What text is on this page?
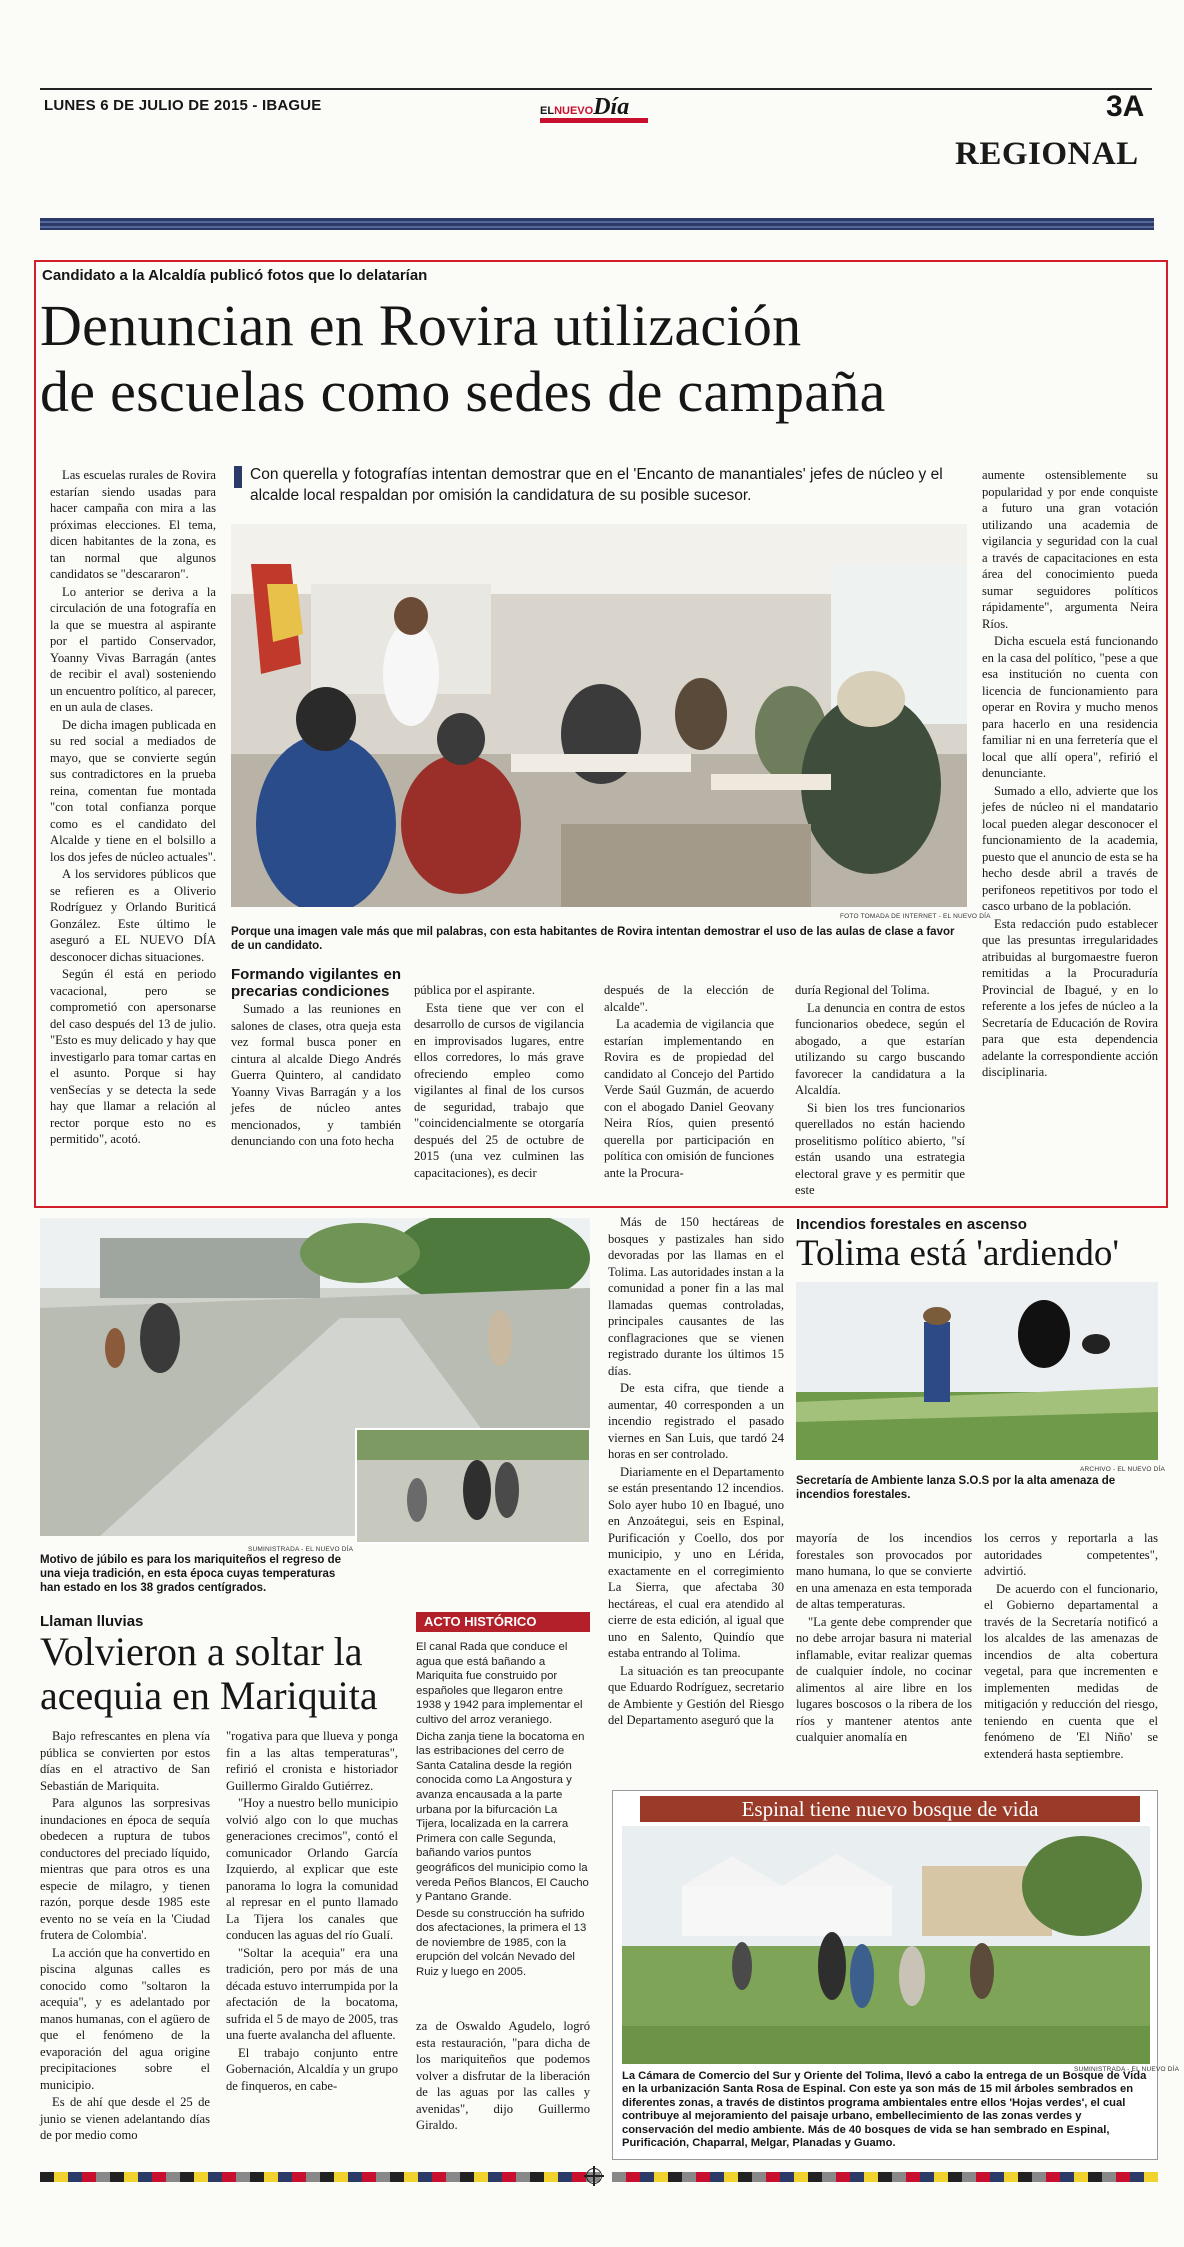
LUNES 6 DE JULIO DE 2015 - IBAGUE	ELNUEVODía	3A
REGIONAL
Candidato a la Alcaldía publicó fotos que lo delatarían
Denuncian en Rovira utilización
de escuelas como sedes de campaña
Con querella y fotografías intentan demostrar que en el 'Encanto de manantiales' jefes de núcleo y el alcalde local respaldan por omisión la candidatura de su posible sucesor.
FOTO TOMADA DE INTERNET - EL NUEVO DÍA
Porque una imagen vale más que mil palabras, con esta habitantes de Rovira intentan demostrar el uso de las aulas de clase a favor de un candidato.

Las escuelas rurales de Rovira estarían siendo usadas para hacer campaña con mira a las próximas elecciones. El tema, dicen habitantes de la zona, es tan normal que algunos candidatos se "descararon".

Lo anterior se deriva a la circulación de una fotografía en la que se muestra al aspirante por el partido Conservador, Yoanny Vivas Barragán (antes de recibir el aval) sosteniendo un encuentro político, al parecer, en un aula de clases.

De dicha imagen publicada en su red social a mediados de mayo, que se convierte según sus contradictores en la prueba reina, comentan fue montada "con total confianza porque como es el candidato del Alcalde y tiene en el bolsillo a los dos jefes de núcleo actuales".

A los servidores públicos que se refieren es a Oliverio Rodríguez y Orlando Buriticá González. Este último le aseguró a EL NUEVO DÍA desconocer dichas situaciones.

Según él está en periodo vacacional, pero se comprometió con apersonarse del caso después del 13 de julio. "Esto es muy delicado y hay que investigarlo para tomar cartas en el asunto. Porque si hay venSecías y se detecta la sede hay que llamar a relación al rector porque esto no es permitido", acotó.

Formando vigilantes en precarias condiciones

Sumado a las reuniones en salones de clases, otra queja esta vez formal busca poner en cintura al alcalde Diego Andrés Guerra Quintero, al candidato Yoanny Vivas Barragán y a los jefes de núcleo antes mencionados, y también denunciando con una foto hecha

pública por el aspirante.

Esta tiene que ver con el desarrollo de cursos de vigilancia en improvisados lugares, entre ellos corredores, lo más grave ofreciendo empleo como vigilantes al final de los cursos de seguridad, trabajo que "coincidencialmente se otorgaría después del 25 de octubre de 2015 (una vez culminen las capacitaciones), es decir

después de la elección de alcalde".

La academia de vigilancia que estarían implementando en Rovira es de propiedad del candidato al Concejo del Partido Verde Saúl Guzmán, de acuerdo con el abogado Daniel Geovany Neira Ríos, quien presentó querella por participación en política con omisión de funciones ante la Procura-

duría Regional del Tolima.

La denuncia en contra de estos funcionarios obedece, según el abogado, a que estarían utilizando su cargo buscando favorecer la candidatura a la Alcaldía.

Si bien los tres funcionarios querellados no están haciendo proselitismo político abierto, "sí están usando una estrategia electoral grave y es permitir que este

aumente ostensiblemente su popularidad y por ende conquiste a futuro una gran votación utilizando una academia de vigilancia y seguridad con la cual a través de capacitaciones en esta área del conocimiento pueda sumar seguidores políticos rápidamente", argumenta Neira Ríos.

Dicha escuela está funcionando en la casa del político, "pese a que esa institución no cuenta con licencia de funcionamiento para operar en Rovira y mucho menos para hacerlo en una residencia familiar ni en una ferretería que el local que allí opera", refirió el denunciante.

Sumado a ello, advierte que los jefes de núcleo ni el mandatario local pueden alegar desconocer el funcionamiento de la academia, puesto que el anuncio de esta se ha hecho desde abril a través de perifoneos repetitivos por todo el casco urbano de la población.

Esta redacción pudo establecer que las presuntas irregularidades atribuidas al burgomaestre fueron remitidas a la Procuraduría Provincial de Ibagué, y en lo referente a los jefes de núcleo a la Secretaría de Educación de Rovira para que esta dependencia adelante la correspondiente acción disciplinaria.

SUMINISTRADA - EL NUEVO DÍA
Motivo de júbilo es para los mariquiteños el regreso de una vieja tradición, en esta época cuyas temperaturas han estado en los 38 grados centígrados.
Llaman lluvias
Volvieron a soltar la acequia en Mariquita

Bajo refrescantes en plena vía pública se convierten por estos días en el atractivo de San Sebastián de Mariquita.

Para algunos las sorpresivas inundaciones en época de sequía obedecen a ruptura de tubos conductores del preciado líquido, mientras que para otros es una especie de milagro, y tienen razón, porque desde 1985 este evento no se veía en la 'Ciudad frutera de Colombia'.

La acción que ha convertido en piscina algunas calles es conocido como "soltaron la acequia", y es adelantado por manos humanas, con el agüero de que el fenómeno de la evaporación del agua origine precipitaciones sobre el municipio.

Es de ahí que desde el 25 de junio se vienen adelantando días de por medio como

"rogativa para que llueva y ponga fin a las altas temperaturas", refirió el cronista e historiador Guillermo Giraldo Gutiérrez.

"Hoy a nuestro bello municipio volvió algo con lo que muchas generaciones crecimos", contó el comunicador Orlando García Izquierdo, al explicar que este panorama lo logra la comunidad al represar en el punto llamado La Tijera los canales que conducen las aguas del río Gualí.

"Soltar la acequia" era una tradición, pero por más de una década estuvo interrumpida por la afectación de la bocatoma, sufrida el 5 de mayo de 2005, tras una fuerte avalancha del afluente.

El trabajo conjunto entre Gobernación, Alcaldía y un grupo de finqueros, en cabe-

ACTO HISTÓRICO

El canal Rada que conduce el agua que está bañando a Mariquita fue construido por españoles que llegaron entre 1938 y 1942 para implementar el cultivo del arroz veraniego.

Dicha zanja tiene la bocatoma en las estribaciones del cerro de Santa Catalina desde la región conocida como La Angostura y avanza encausada a la parte urbana por la bifurcación La Tijera, localizada en la carrera Primera con calle Segunda, bañando varios puntos geográficos del municipio como la vereda Peños Blancos, El Caucho y Pantano Grande.

Desde su construcción ha sufrido dos afectaciones, la primera el 13 de noviembre de 1985, con la erupción del volcán Nevado del Ruiz y luego en 2005.

za de Oswaldo Agudelo, logró esta restauración, "para dicha de los mariquiteños que podemos volver a disfrutar de la liberación de las aguas por las calles y avenidas", dijo Guillermo Giraldo.

Más de 150 hectáreas de bosques y pastizales han sido devoradas por las llamas en el Tolima. Las autoridades instan a la comunidad a poner fin a las mal llamadas quemas controladas, principales causantes de las conflagraciones que se vienen registrado durante los últimos 15 días.

De esta cifra, que tiende a aumentar, 40 corresponden a un incendio registrado el pasado viernes en San Luis, que tardó 24 horas en ser controlado.

Diariamente en el Departamento se están presentando 12 incendios. Solo ayer hubo 10 en Ibagué, uno en Anzoátegui, seis en Espinal, Purificación y Coello, dos por municipio, y uno en Lérida, exactamente en el corregimiento La Sierra, que afectaba 30 hectáreas, el cual era atendido al cierre de esta edición, al igual que uno en Salento, Quindío que estaba entrando al Tolima.

La situación es tan preocupante que Eduardo Rodríguez, secretario de Ambiente y Gestión del Riesgo del Departamento aseguró que la

Incendios forestales en ascenso
Tolima está 'ardiendo'
ARCHIVO - EL NUEVO DÍA
Secretaría de Ambiente lanza S.O.S por la alta amenaza de incendios forestales.

mayoría de los incendios forestales son provocados por mano humana, lo que se convierte en una amenaza en esta temporada de altas temperaturas.

"La gente debe comprender que no debe arrojar basura ni material inflamable, evitar realizar quemas de cualquier índole, no cocinar alimentos al aire libre en los lugares boscosos o la ribera de los ríos y mantener atentos ante cualquier anomalía en

los cerros y reportarla a las autoridades competentes", advirtió.

De acuerdo con el funcionario, el Gobierno departamental a través de la Secretaría notificó a los alcaldes de las amenazas de incendios de alta cobertura vegetal, para que incrementen e implementen medidas de mitigación y reducción del riesgo, teniendo en cuenta que el fenómeno de 'El Niño' se extenderá hasta septiembre.

Espinal tiene nuevo bosque de vida
SUMINISTRADA - EL NUEVO DÍA
La Cámara de Comercio del Sur y Oriente del Tolima, llevó a cabo la entrega de un Bosque de Vida en la urbanización Santa Rosa de Espinal. Con este ya son más de 15 mil árboles sembrados en diferentes zonas, a través de distintos programa ambientales entre ellos 'Hojas verdes', el cual contribuye al mejoramiento del paisaje urbano, embellecimiento de las zonas verdes y conservación del medio ambiente. Más de 40 bosques de vida se han sembrado en Espinal, Purificación, Chaparral, Melgar, Planadas y Guamo.
